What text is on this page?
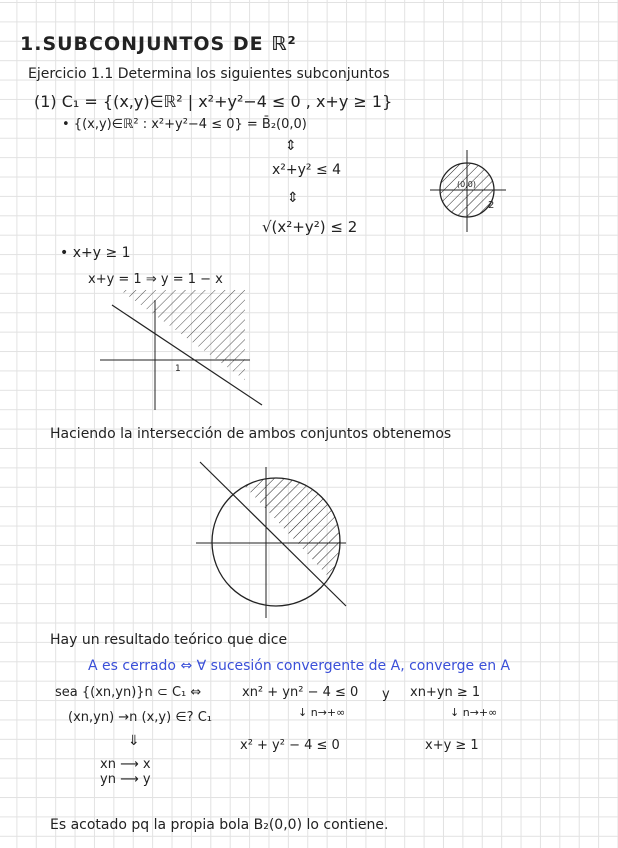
1.SUBCONJUNTOS DE ℝ²
Ejercicio 1.1 Determina los siguientes subconjuntos
(1) C₁ = {(x,y)∈ℝ² | x²+y²−4 ≤ 0 , x+y ≥ 1}
• {(x,y)∈ℝ² : x²+y²−4 ≤ 0} = B̄₂(0,0)
⇕
x²+y² ≤ 4
⇕
√(x²+y²) ≤ 2
(0,0)
2
• x+y ≥ 1
x+y = 1 ⇒ y = 1 − x
1
Haciendo la intersección de ambos conjuntos obtenemos
Hay un resultado teórico que dice
A es cerrado ⇔ ∀ sucesión convergente de A, converge en A
sea {(xn,yn)}n ⊂ C₁ ⇔	xn² + yn² − 4 ≤ 0 y xn+yn ≥ 1
(xn,yn) →n (x,y) ∈? C₁	↓ n→+∞	↓ n→+∞
⇓	x² + y² − 4 ≤ 0	x+y ≥ 1
xn ⟶ x
yn ⟶ y
Es acotado pq la propia bola B₂(0,0) lo contiene.
